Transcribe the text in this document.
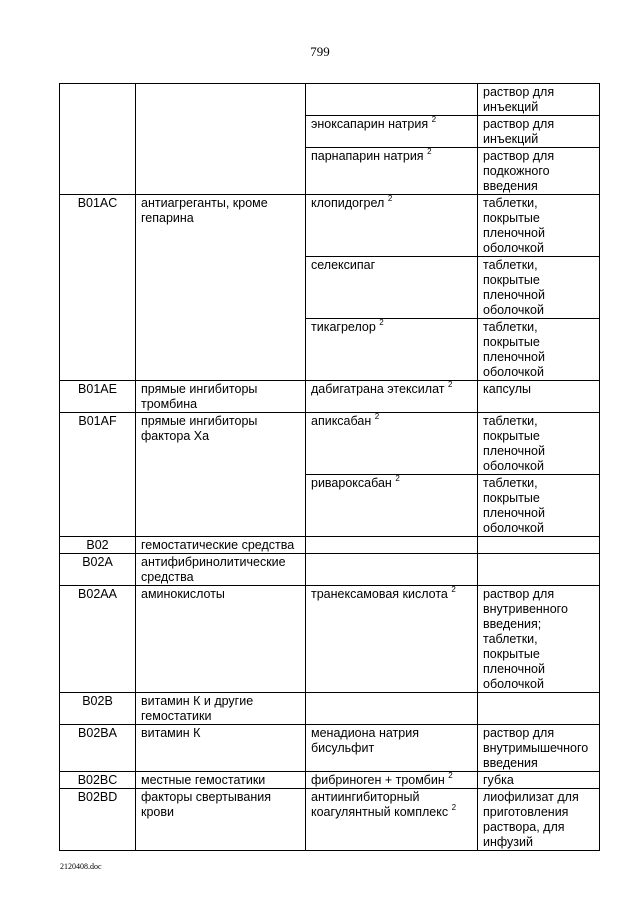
799
			раствор для инъекций
		эноксапарин натрия $^2$	раствор для инъекций
		парнапарин натрия $^2$	раствор для подкожного введения
B01AC	антиагреганты, кроме гепарина	клопидогрел $^2$	таблетки, покрытые пленочной оболочкой
		селексипаг	таблетки, покрытые пленочной оболочкой
		тикагрелор $^2$	таблетки, покрытые пленочной оболочкой
B01AE	прямые ингибиторы тромбина	дабигатрана этексилат $^2$	капсулы
B01AF	прямые ингибиторы фактора Ха	апиксабан $^2$	таблетки, покрытые пленочной оболочкой
		ривароксабан $^2$	таблетки, покрытые пленочной оболочкой
B02	гемостатические средства		
B02A	антифибринолитические средства		
B02AA	аминокислоты	транексамовая кислота $^2$	раствор для внутривенного введения; таблетки, покрытые пленочной оболочкой
B02B	витамин К и другие гемостатики		
B02BA	витамин К	менадиона натрия бисульфит	раствор для внутримышечного введения
B02BC	местные гемостатики	фибриноген + тромбин $^2$	губка
B02BD	факторы свертывания крови	антиингибиторный коагулянтный комплекс $^2$	лиофилизат для приготовления раствора, для инфузий
2120408.doc
